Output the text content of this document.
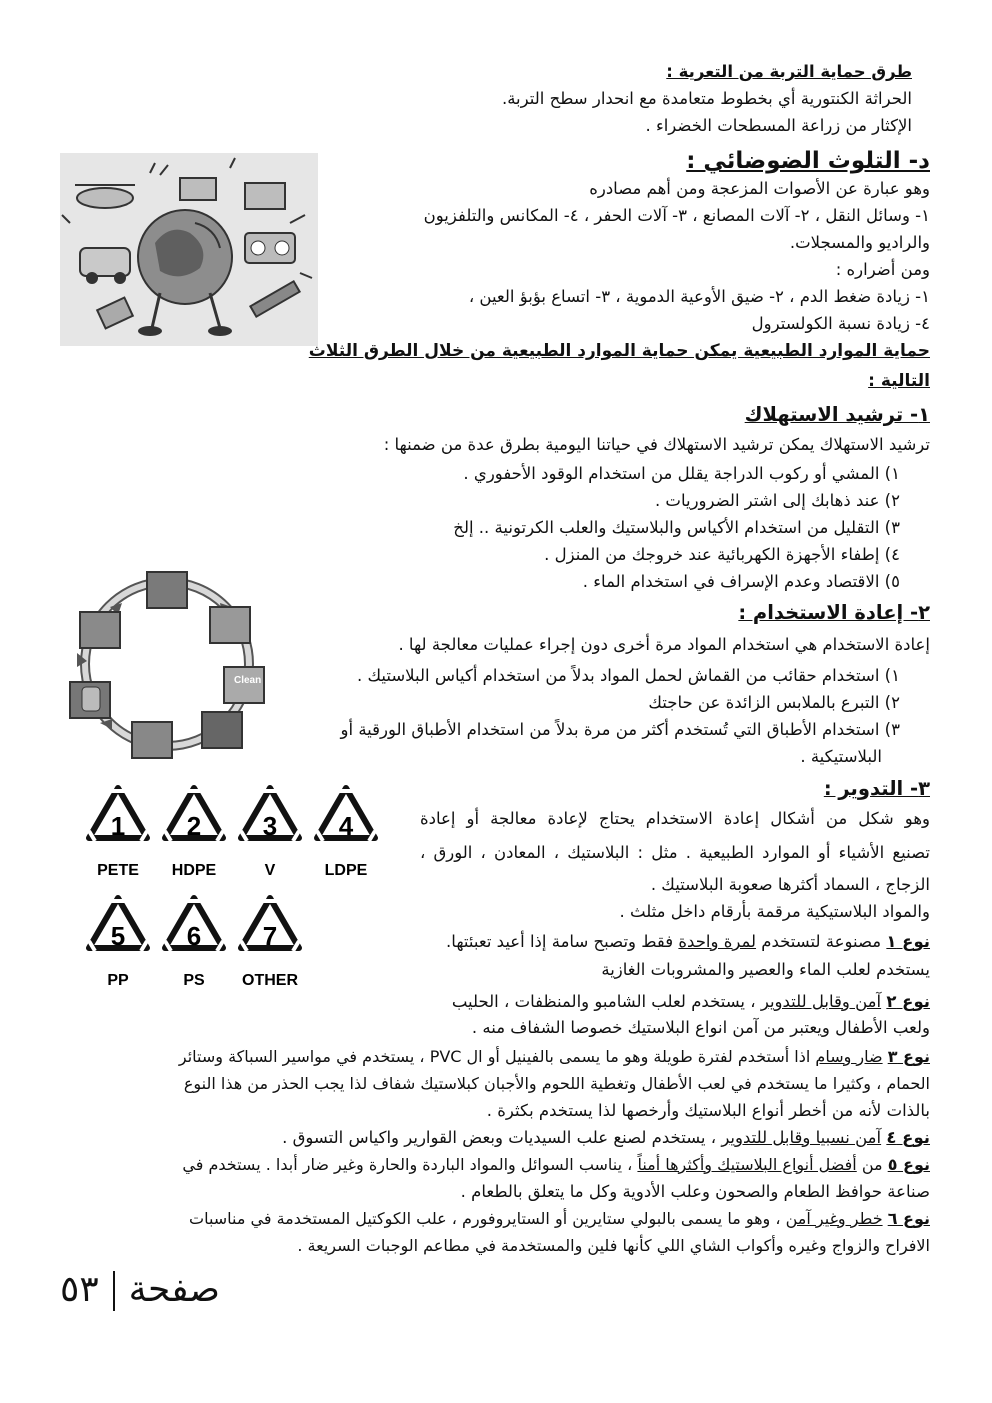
طرق حماية التربة من التعرية :
الحراثة الكنتورية أي بخطوط متعامدة مع انحدار سطح التربة.
الإكثار من زراعة المسطحات الخضراء .
د- التلوث الضوضائي :
وهو عبارة عن الأصوات المزعجة ومن أهم مصادره
١- وسائل النقل ، ٢- آلات المصانع ، ٣- آلات الحفر ، ٤- المكانس والتلفزيون
والراديو والمسجلات.
ومن أضراره :
١- زيادة ضغط الدم ، ٢- ضيق الأوعية الدموية ، ٣- اتساع بؤبؤ العين ،
٤- زيادة نسبة الكولسترول
حماية الموارد الطبيعية يمكن حماية الموارد الطبيعية من خلال الطرق الثلاث
التالية :
١- ترشيد الاستهلاك
ترشيد الاستهلاك يمكن ترشيد الاستهلاك في حياتنا اليومية بطرق عدة من ضمنها :
١) المشي أو ركوب الدراجة يقلل من استخدام الوقود الأحفوري .
٢) عند ذهابك إلى اشتر الضروريات .
٣) التقليل من استخدام الأكياس والبلاستيك والعلب الكرتونية .. إلخ
٤) إطفاء الأجهزة الكهربائية عند خروجك من المنزل .
٥) الاقتصاد وعدم الإسراف في استخدام الماء .
٢- إعادة الاستخدام :
إعادة الاستخدام هي استخدام المواد مرة أخرى دون إجراء عمليات معالجة لها .
١) استخدام حقائب من القماش لحمل المواد بدلاً من استخدام أكياس البلاستيك .
٢) التبرع بالملابس الزائدة عن حاجتك
٣) استخدام الأطباق التي تُستخدم أكثر من مرة بدلاً من استخدام الأطباق الورقية أو
البلاستيكية .
Clean
٣- التدوير :
وهو شكل من أشكال إعادة الاستخدام يحتاج لإعادة معالجة أو إعادة
تصنيع الأشياء أو الموارد الطبيعية . مثل : البلاستيك ، المعادن ، الورق ،
الزجاج ، السماد أكثرها صعوبة البلاستيك .
والمواد البلاستيكية مرقمة بأرقام داخل مثلث .
1
PETE
2
HDPE
3
V
4
LDPE
5
PP
6
PS
7
OTHER
نوع ١ مصنوعة لتستخدم لمرة واحدة فقط وتصبح سامة إذا أعيد تعبئتها.
يستخدم لعلب الماء والعصير والمشروبات الغازية
نوع ٢ آمن وقابل للتدوير ، يستخدم لعلب الشامبو والمنظفات ، الحليب
ولعب الأطفال ويعتبر من آمن انواع البلاستيك خصوصا الشفاف منه .
نوع ٣ ضار وسام اذا أستخدم لفترة طويلة وهو ما يسمى بالفينيل أو ال PVC ، يستخدم في مواسير السباكة وستائر
الحمام ، وكثيرا ما يستخدم في لعب الأطفال وتغطية اللحوم والأجبان كبلاستيك شفاف لذا يجب الحذر من هذا النوع
بالذات لأنه من أخطر أنواع البلاستيك وأرخصها لذا يستخدم بكثرة .
نوع ٤ آمن نسبيا وقابل للتدوير ، يستخدم لصنع علب السيديات وبعض القوارير واكياس التسوق .
نوع ٥ من أفضل أنواع البلاستيك وأكثرها أمناً ، يناسب السوائل والمواد الباردة والحارة وغير ضار أبدا . يستخدم في
صناعة حوافظ الطعام والصحون وعلب الأدوية وكل ما يتعلق بالطعام .
نوع ٦ خطر وغير آمن ، وهو ما يسمى بالبولي ستايرين أو الستايروفورم ، علب الكوكتيل المستخدمة في مناسبات
الافراح والزواج وغيره وأكواب الشاي اللي كأنها فلين والمستخدمة في مطاعم الوجبات السريعة .
صفحة٥٣
